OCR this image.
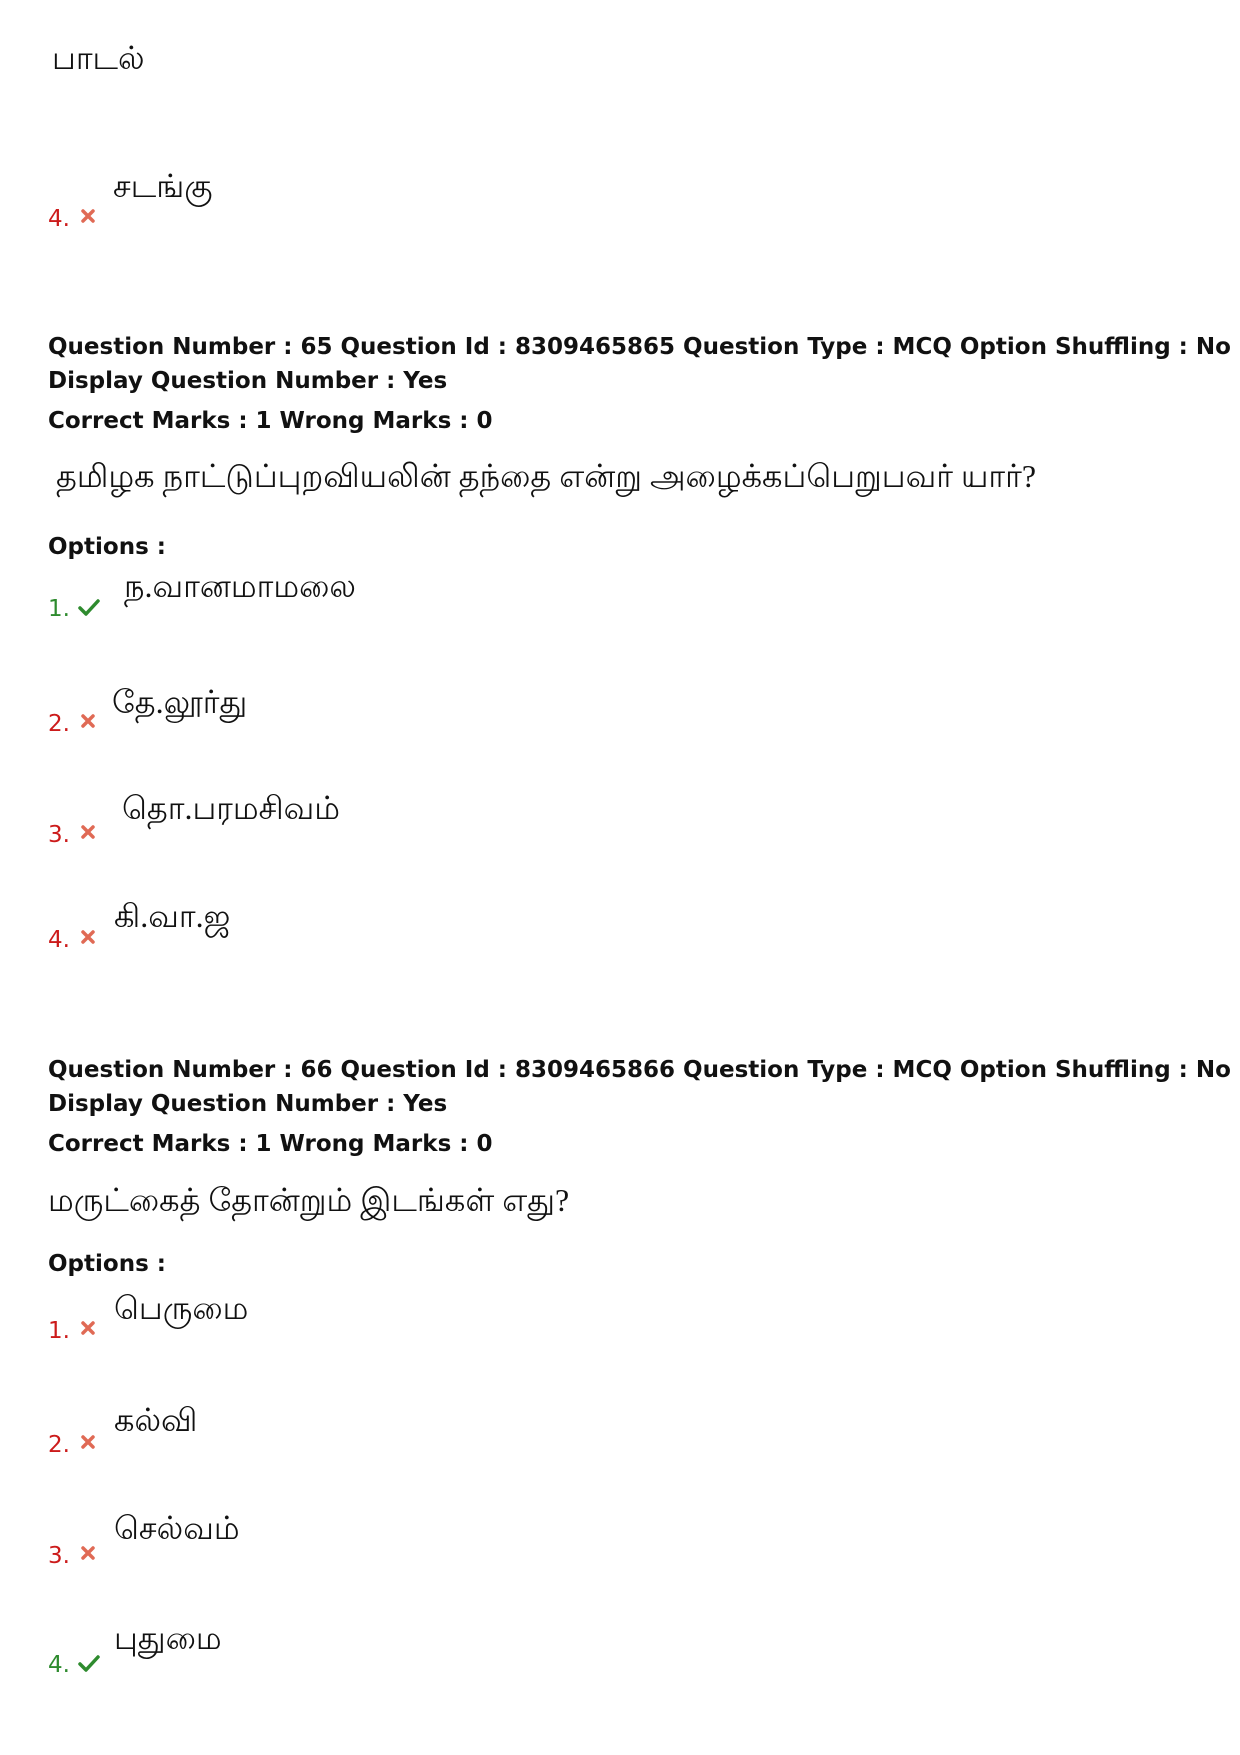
பாடல்
4.
சடங்கு
Question Number : 65 Question Id : 8309465865 Question Type : MCQ Option Shuffling : No
Display Question Number : Yes
Correct Marks : 1 Wrong Marks : 0
தமிழக நாட்டுப்புறவியலின் தந்தை என்று அழைக்கப்பெறுபவர் யார்?
Options :
1.
ந.வானமாமலை
2.
தே.லூர்து
3.
தொ.பரமசிவம்
4.
கி.வா.ஜ
Question Number : 66 Question Id : 8309465866 Question Type : MCQ Option Shuffling : No
Display Question Number : Yes
Correct Marks : 1 Wrong Marks : 0
மருட்கைத் தோன்றும் இடங்கள் எது?
Options :
1.
பெருமை
2.
கல்வி
3.
செல்வம்
4.
புதுமை
